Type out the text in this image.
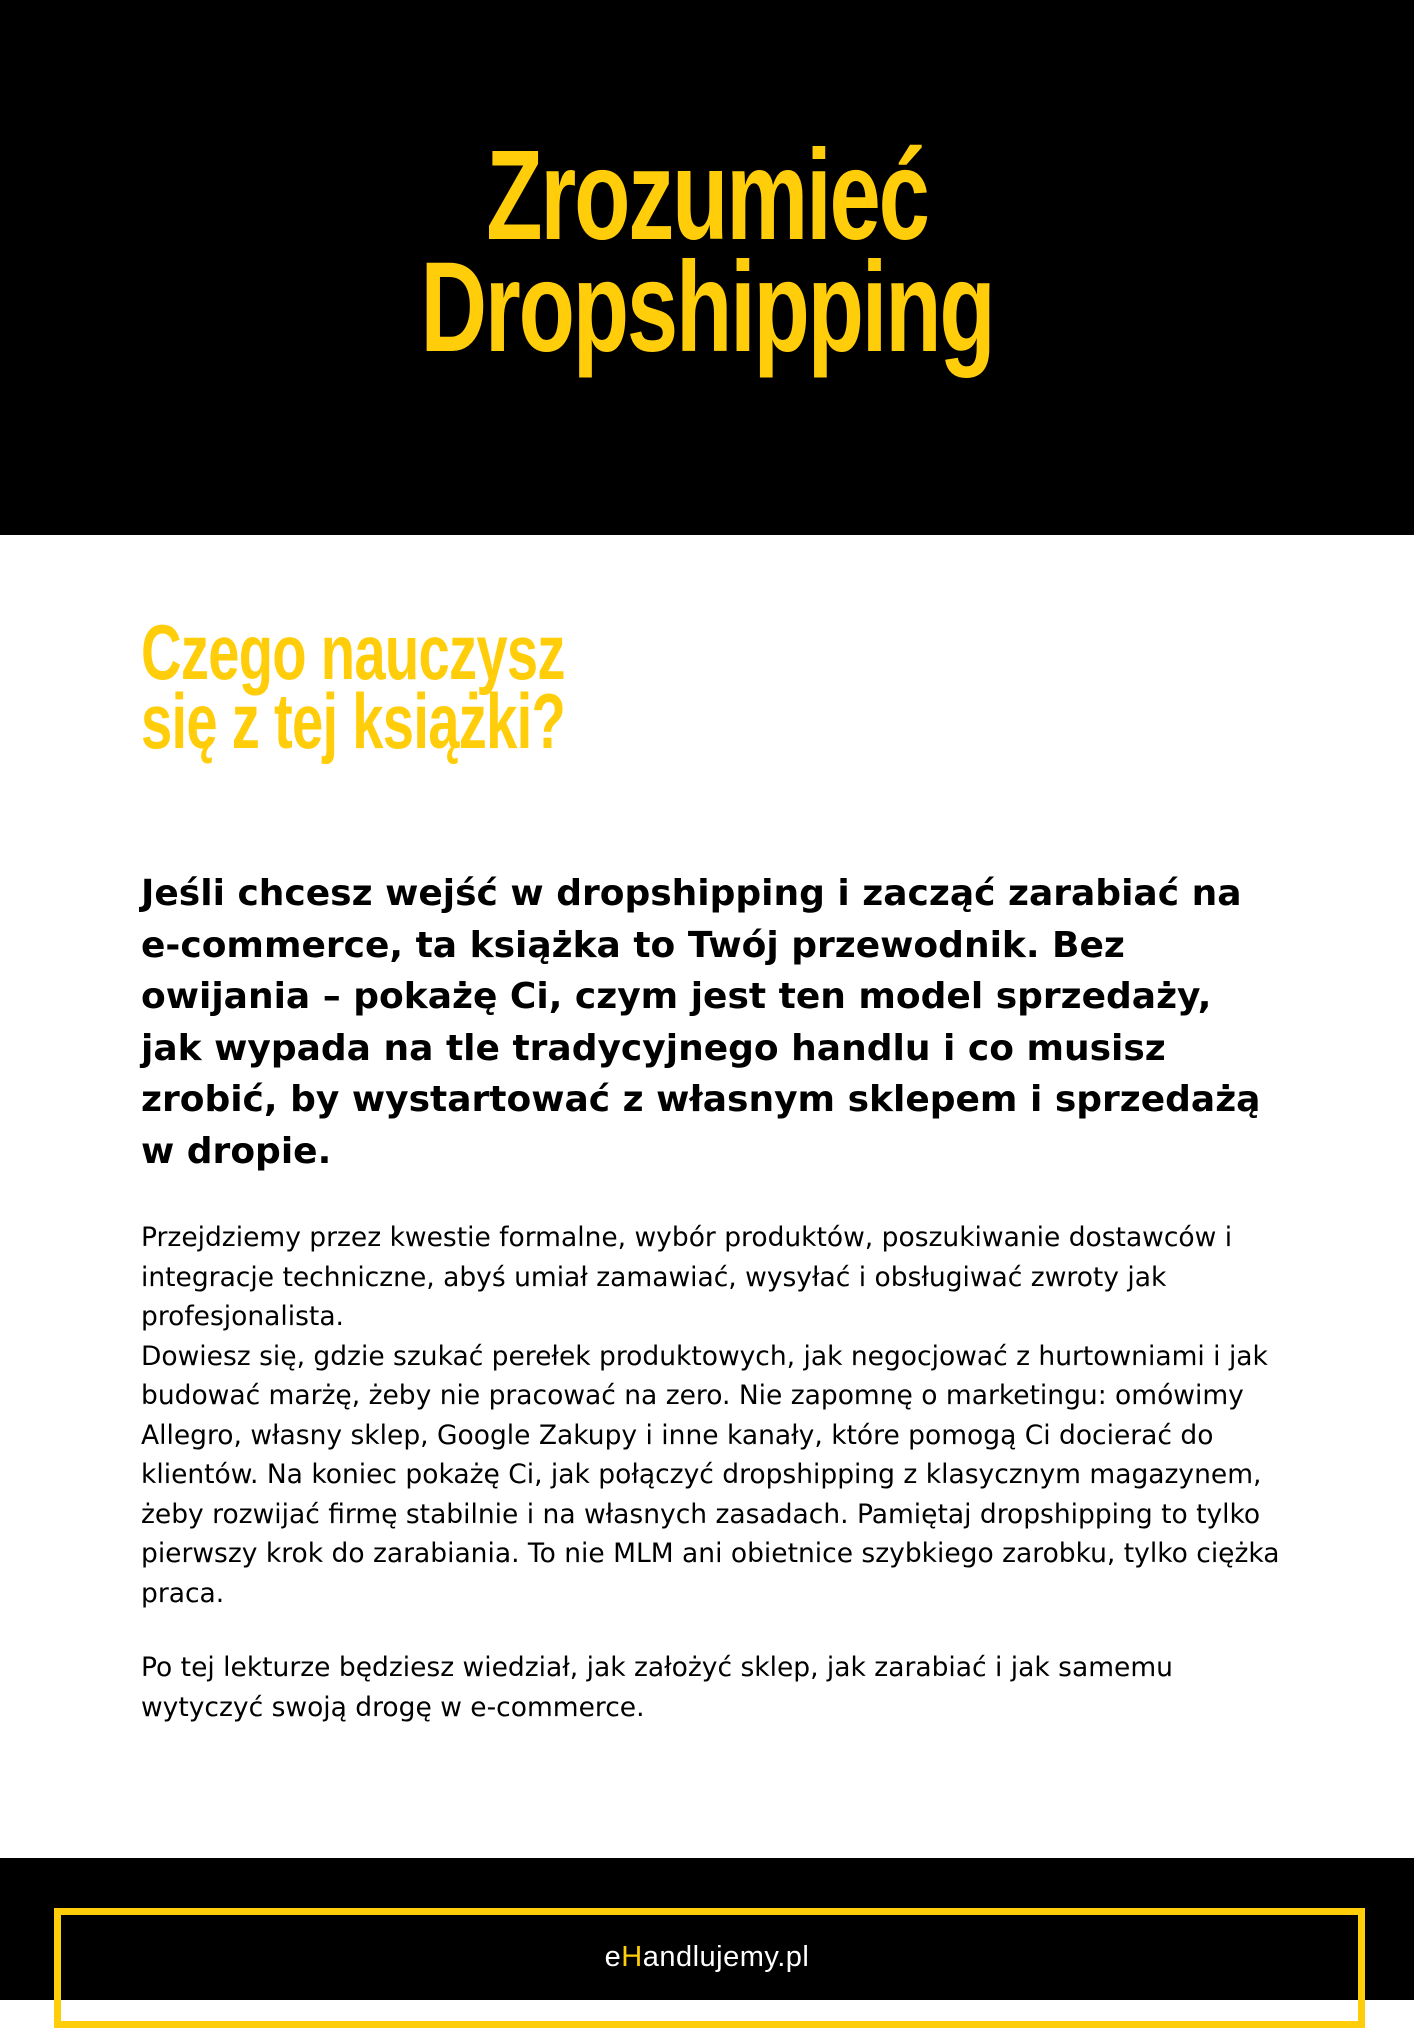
Zrozumieć
Dropshipping
Czego nauczysz
się z tej książki?

Jeśli chcesz wejść w dropshipping i zacząć zarabiać na e-commerce, ta książka to Twój przewodnik. Bez owijania – pokażę Ci, czym jest ten model sprzedaży, jak wypada na tle tradycyjnego handlu i co musisz zrobić, by wystartować z własnym sklepem i sprzedażą w dropie.

Przejdziemy przez kwestie formalne, wybór produktów, poszukiwanie dostawców i integracje techniczne, abyś umiał zamawiać, wysyłać i obsługiwać zwroty jak profesjonalista.
Dowiesz się, gdzie szukać perełek produktowych, jak negocjować z hurtowniami i jak budować marżę, żeby nie pracować na zero. Nie zapomnę o marketingu: omówimy Allegro, własny sklep, Google Zakupy i inne kanały, które pomogą Ci docierać do klientów. Na koniec pokażę Ci, jak połączyć dropshipping z klasycznym magazynem, żeby rozwijać firmę stabilnie i na własnych zasadach. Pamiętaj dropshipping to tylko pierwszy krok do zarabiania. To nie MLM ani obietnice szybkiego zarobku, tylko ciężka praca.
Po tej lekturze będziesz wiedział, jak założyć sklep, jak zarabiać i jak samemu wytyczyć swoją drogę w e-commerce.
eHandlujemy.pl
